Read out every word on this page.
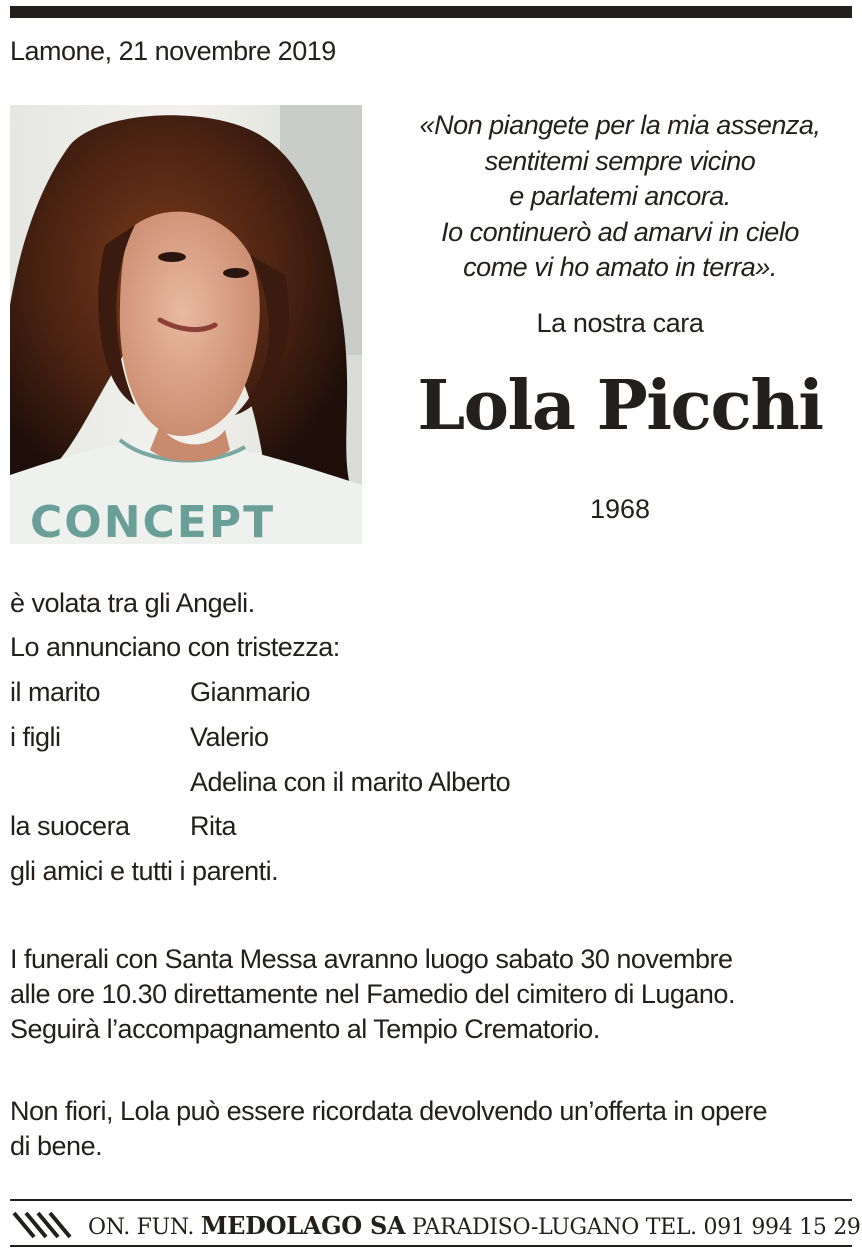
Lamone, 21 novembre 2019
CONCEPT
«Non piangete per la mia assenza,
sentitemi sempre vicino
e parlatemi ancora.
Io continuerò ad amarvi in cielo
come vi ho amato in terra».
La nostra cara
Lola Picchi
1968
è volata tra gli Angeli.
Lo annunciano con tristezza:
il marito	Gianmario
i figli	Valerio
Adelina con il marito Alberto
la suocera Rita
gli amici e tutti i parenti.
I funerali con Santa Messa avranno luogo sabato 30 novembre
alle ore 10.30 direttamente nel Famedio del cimitero di Lugano.
Seguirà l’accompagnamento al Tempio Crematorio.
Non fiori, Lola può essere ricordata devolvendo un’offerta in opere
di bene.
ON. FUN. MEDOLAGO SA PARADISO-LUGANO TEL. 091 994 15 29
